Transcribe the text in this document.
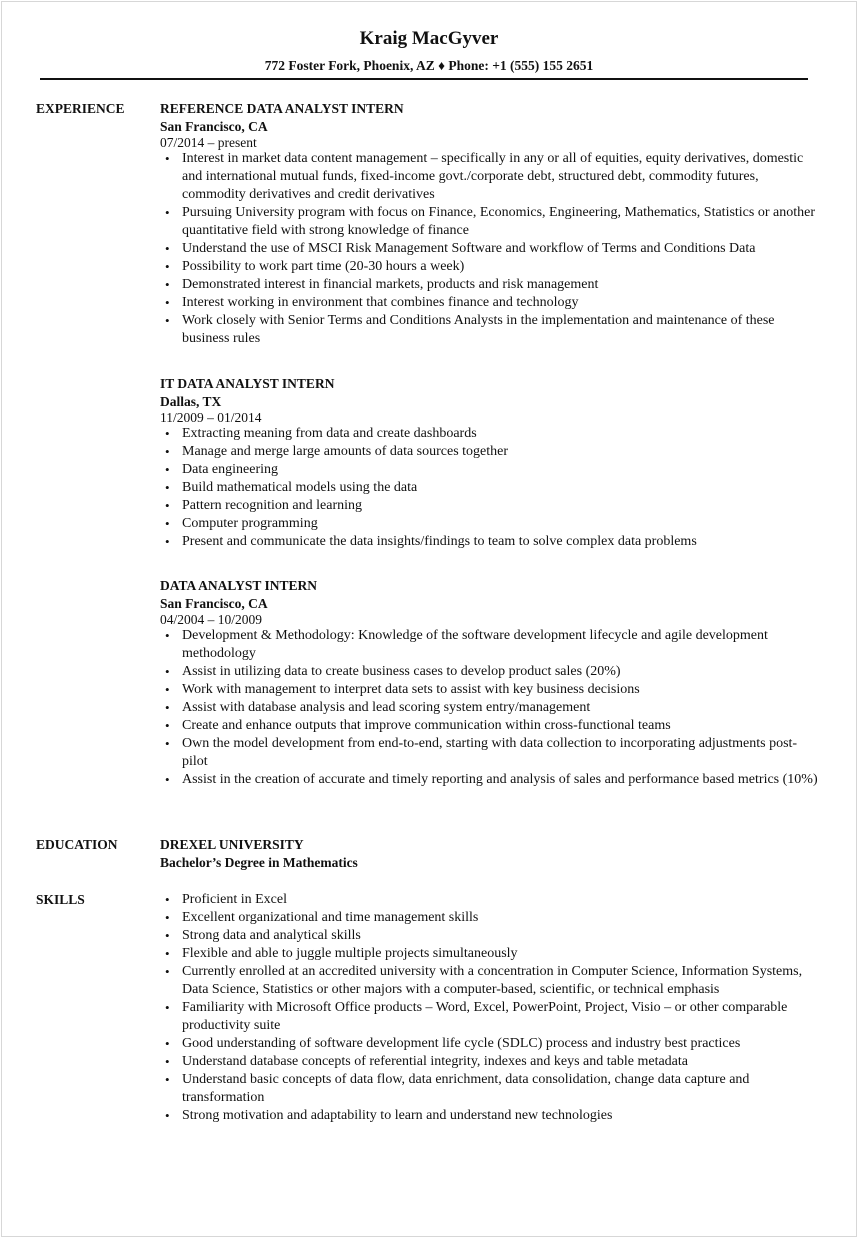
Kraig MacGyver
772 Foster Fork, Phoenix, AZ ♦ Phone: +1 (555) 155 2651
EXPERIENCE	REFERENCE DATA ANALYST INTERN
San Francisco, CA
07/2014 – present
• Interest in market data content management – specifically in any or all of equities, equity derivatives, domestic and international mutual funds, fixed-income govt./corporate debt, structured debt, commodity futures, commodity derivatives and credit derivatives
• Pursuing University program with focus on Finance, Economics, Engineering, Mathematics, Statistics or another quantitative field with strong knowledge of finance
• Understand the use of MSCI Risk Management Software and workflow of Terms and Conditions Data
• Possibility to work part time (20-30 hours a week)
• Demonstrated interest in financial markets, products and risk management
• Interest working in environment that combines finance and technology
• Work closely with Senior Terms and Conditions Analysts in the implementation and maintenance of these business rules
IT DATA ANALYST INTERN
Dallas, TX
11/2009 – 01/2014
• Extracting meaning from data and create dashboards
• Manage and merge large amounts of data sources together
• Data engineering
• Build mathematical models using the data
• Pattern recognition and learning
• Computer programming
• Present and communicate the data insights/findings to team to solve complex data problems
DATA ANALYST INTERN
San Francisco, CA
04/2004 – 10/2009
• Development & Methodology: Knowledge of the software development lifecycle and agile development methodology
• Assist in utilizing data to create business cases to develop product sales (20%)
• Work with management to interpret data sets to assist with key business decisions
• Assist with database analysis and lead scoring system entry/management
• Create and enhance outputs that improve communication within cross-functional teams
• Own the model development from end-to-end, starting with data collection to incorporating adjustments post-pilot
• Assist in the creation of accurate and timely reporting and analysis of sales and performance based metrics (10%)
EDUCATION	DREXEL UNIVERSITY
Bachelor’s Degree in Mathematics
SKILLS	• Proficient in Excel
• Excellent organizational and time management skills
• Strong data and analytical skills
• Flexible and able to juggle multiple projects simultaneously
• Currently enrolled at an accredited university with a concentration in Computer Science, Information Systems, Data Science, Statistics or other majors with a computer-based, scientific, or technical emphasis
• Familiarity with Microsoft Office products – Word, Excel, PowerPoint, Project, Visio – or other comparable productivity suite
• Good understanding of software development life cycle (SDLC) process and industry best practices
• Understand database concepts of referential integrity, indexes and keys and table metadata
• Understand basic concepts of data flow, data enrichment, data consolidation, change data capture and transformation
• Strong motivation and adaptability to learn and understand new technologies
